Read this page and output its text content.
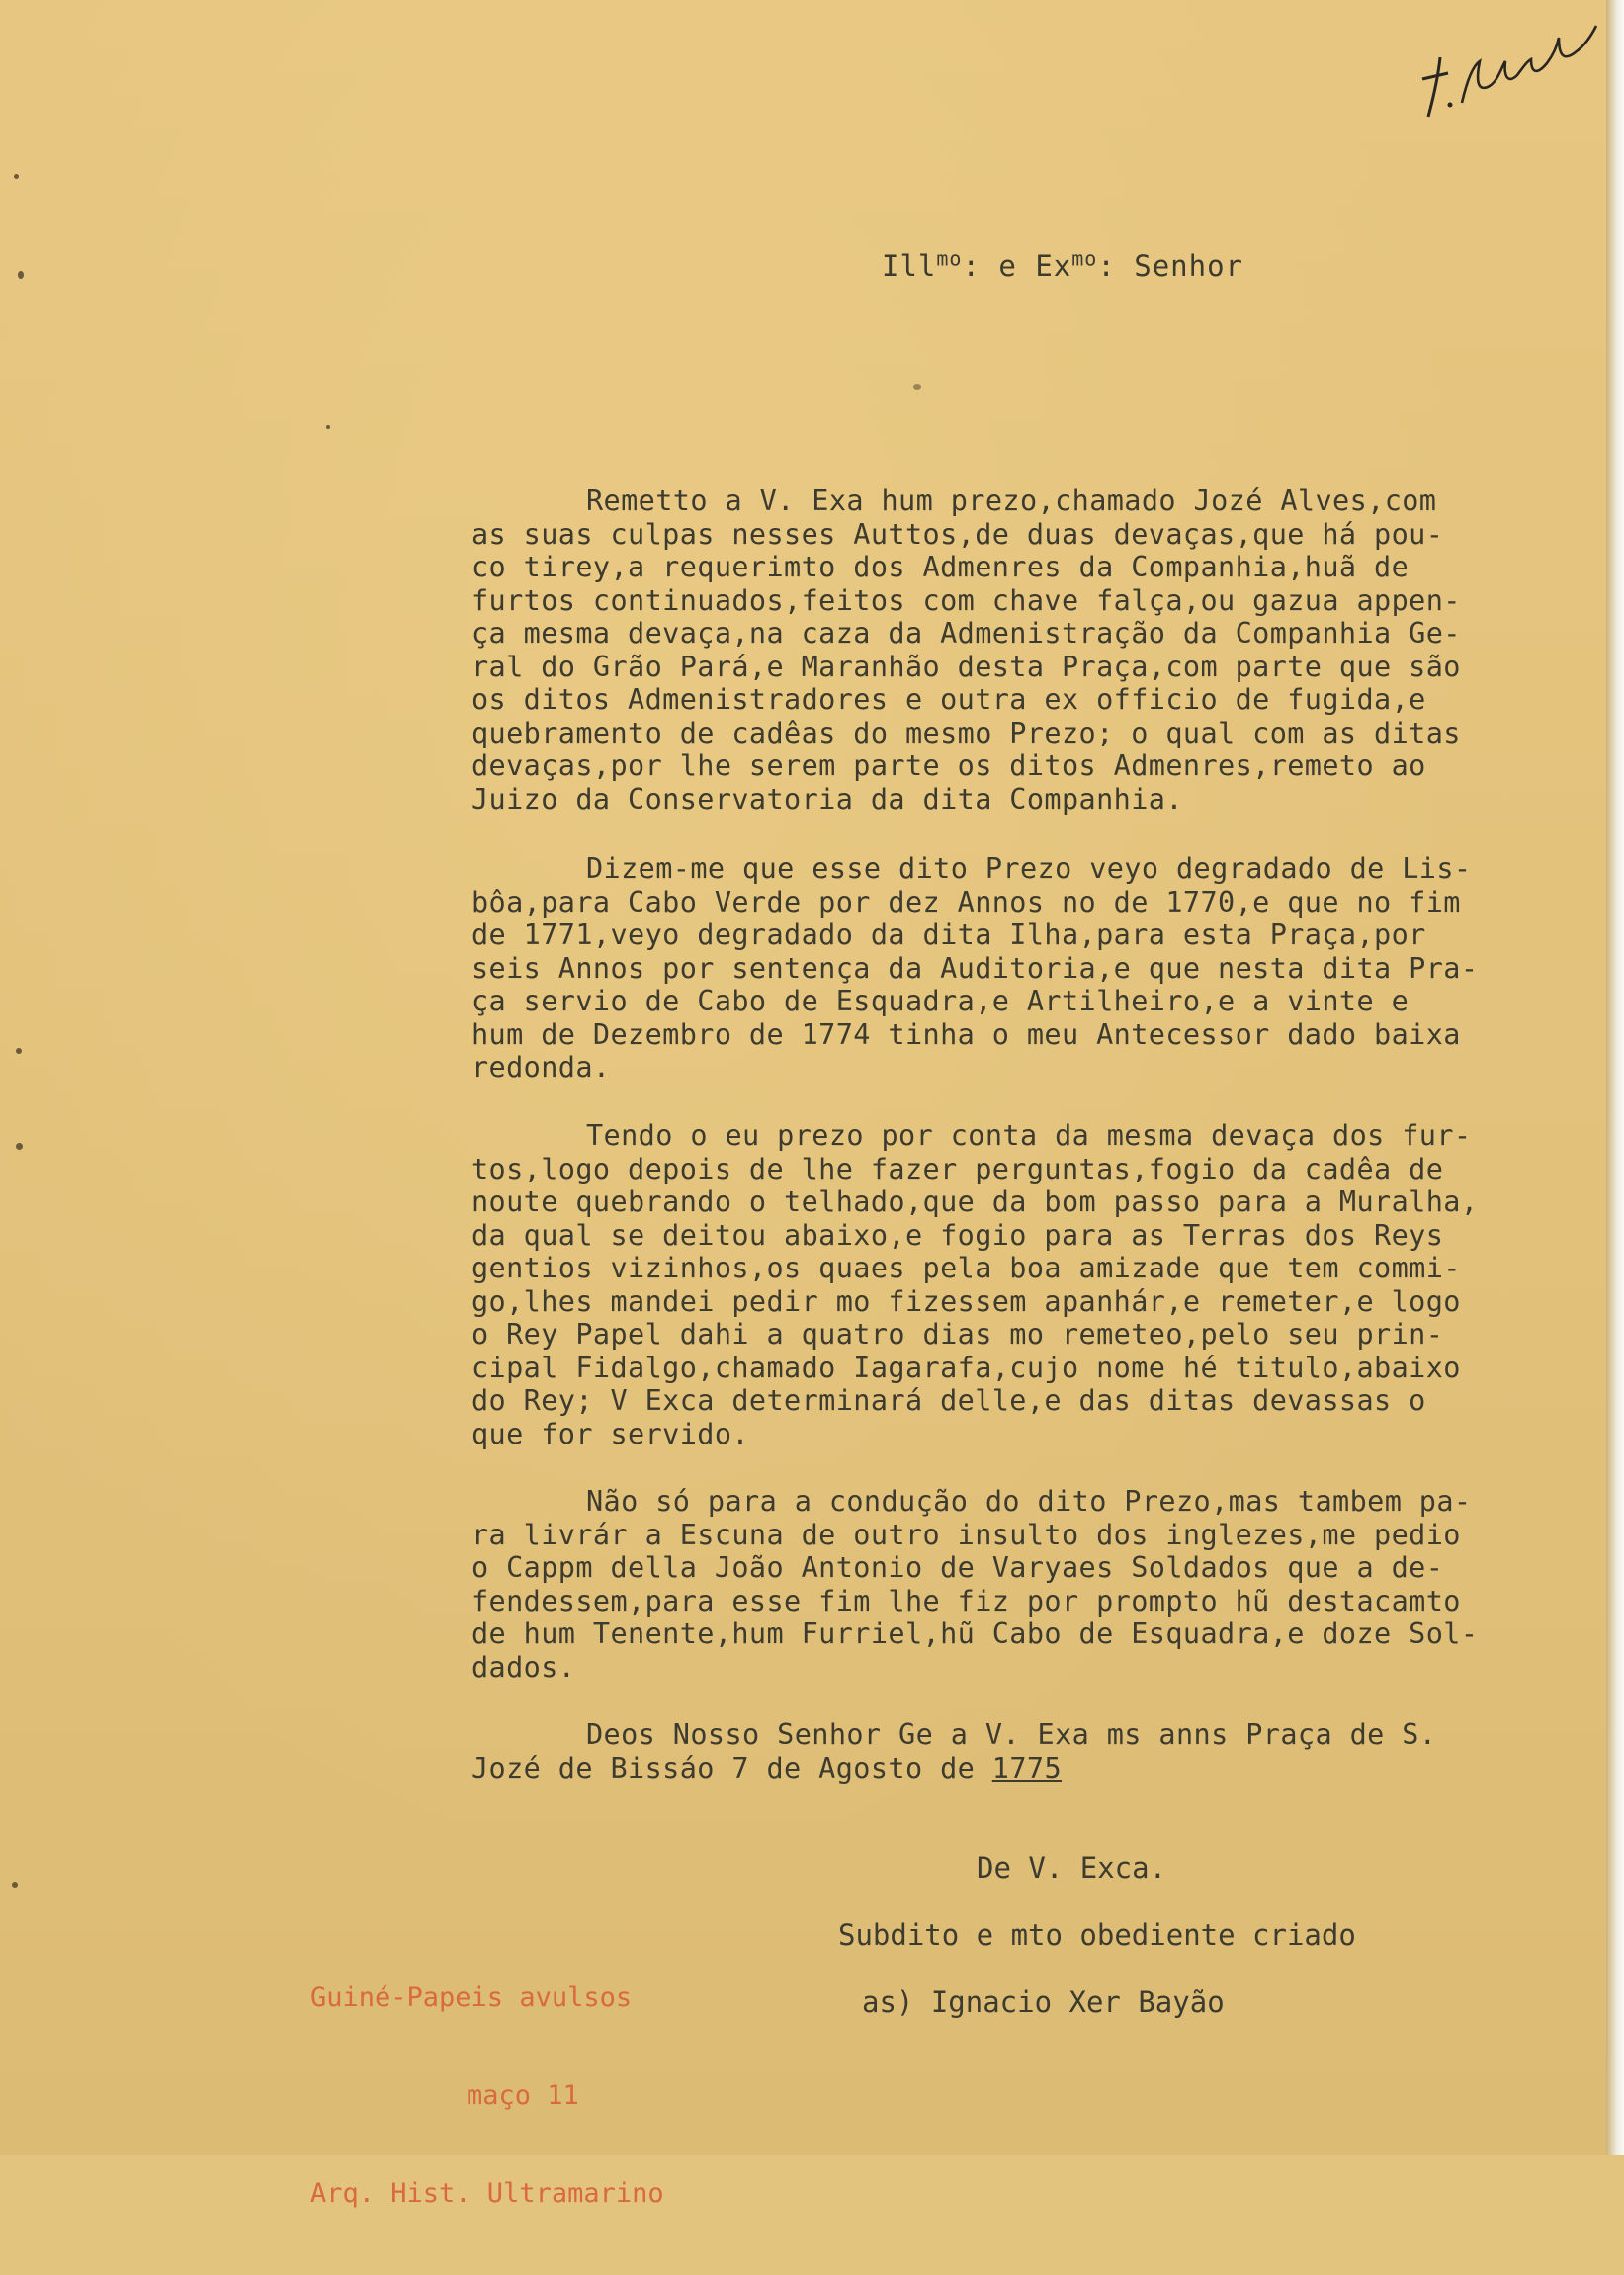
Ill$^{mo}$: e $Ex^{mo}$: Senhor
Remetto a V. Exa hum prezo,chamado Jozé Alves,com
as suas culpas nesses Auttos,de duas devaças,que há pou-
co tirey,a requerimto dos Admenres da Companhia,huã de
furtos continuados,feitos com chave falça,ou gazua appen-
ça mesma devaça,na caza da Admenistração da Companhia Ge-
ral do Grão Pará,e Maranhão desta Praça,com parte que são
os ditos Admenistradores e outra ex officio de fugida,e
quebramento de cadêas do mesmo Prezo; o qual com as ditas
devaças,por lhe serem parte os ditos Admenres,remeto ao
Juizo da Conservatoria da dita Companhia.
Dizem-me que esse dito Prezo veyo degradado de Lis-
bôa,para Cabo Verde por dez Annos no de 1770,e que no fim
de 1771,veyo degradado da dita Ilha,para esta Praça,por
seis Annos por sentença da Auditoria,e que nesta dita Pra-
ça servio de Cabo de Esquadra,e Artilheiro,e a vinte e
hum de Dezembro de 1774 tinha o meu Antecessor dado baixa
redonda.
Tendo o eu prezo por conta da mesma devaça dos fur-
tos,logo depois de lhe fazer perguntas,fogio da cadêa de
noute quebrando o telhado,que da bom passo para a Muralha,
da qual se deitou abaixo,e fogio para as Terras dos Reys
gentios vizinhos,os quaes pela boa amizade que tem commi-
go,lhes mandei pedir mo fizessem apanhár,e remeter,e logo
o Rey Papel dahi a quatro dias mo remeteo,pelo seu prin-
cipal Fidalgo,chamado Iagarafa,cujo nome hé titulo,abaixo
do Rey; V Exca determinará delle,e das ditas devassas o
que for servido.
Não só para a condução do dito Prezo,mas tambem pa-
ra livrár a Escuna de outro insulto dos inglezes,me pedio
o Cappm della João Antonio de Varyaes Soldados que a de-
fendessem,para esse fim lhe fiz por prompto hũ destacamto
de hum Tenente,hum Furriel,hũ Cabo de Esquadra,e doze Sol-
dados.
Deos Nosso Senhor Ge a V. Exa ms anns Praça de S.
Jozé de Bissáo 7 de Agosto de 1775
De V. Exca.
Subdito e mto obediente criado
as) Ignacio Xer Bayão

Guiné-Papeis avulsos

maço 11

Arq. Hist. Ultramarino
